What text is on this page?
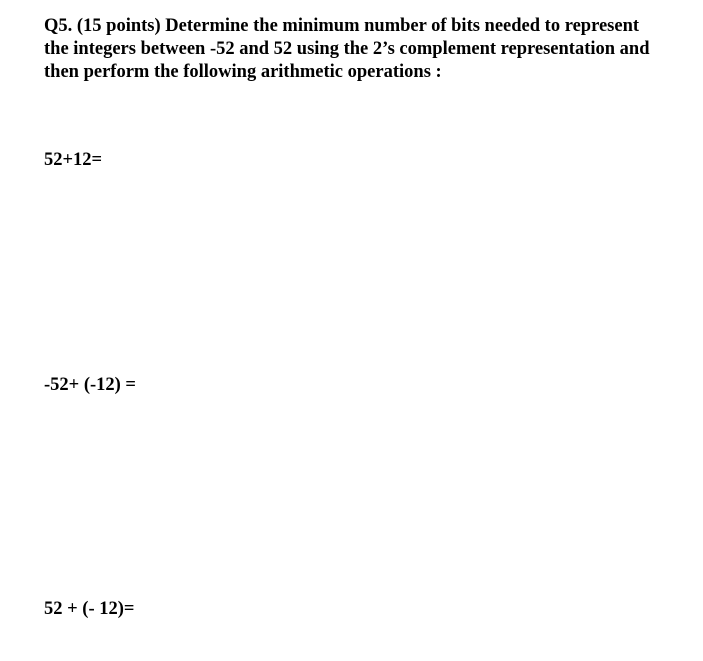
Q5. (15 points) Determine the minimum number of bits needed to represent
the integers between -52 and 52 using the 2’s complement representation and
then perform the following arithmetic operations :
52+12=
-52+ (-12) =
52 + (- 12)=
